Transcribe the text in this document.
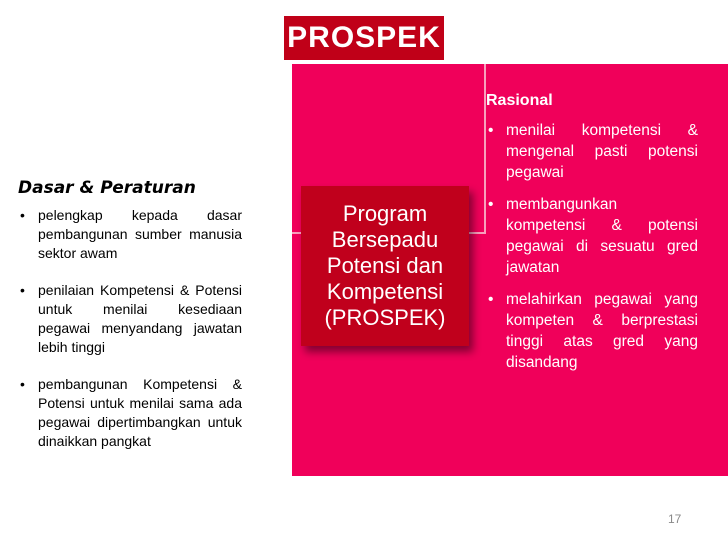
PROSPEK
Program
Bersepadu
Potensi dan
Kompetensi
(PROSPEK)
Rasional
• menilai kompetensi & mengenal pasti potensi pegawai
• membangunkan kompetensi & potensi pegawai di sesuatu gred jawatan
• melahirkan pegawai yang kompeten & berprestasi tinggi atas gred yang disandang
Dasar & Peraturan
• pelengkap kepada dasar pembangunan sumber manusia sektor awam
• penilaian Kompetensi & Potensi untuk menilai kesediaan pegawai menyandang jawatan lebih tinggi
• pembangunan Kompetensi & Potensi untuk menilai sama ada pegawai dipertimbangkan untuk dinaikkan pangkat
17
